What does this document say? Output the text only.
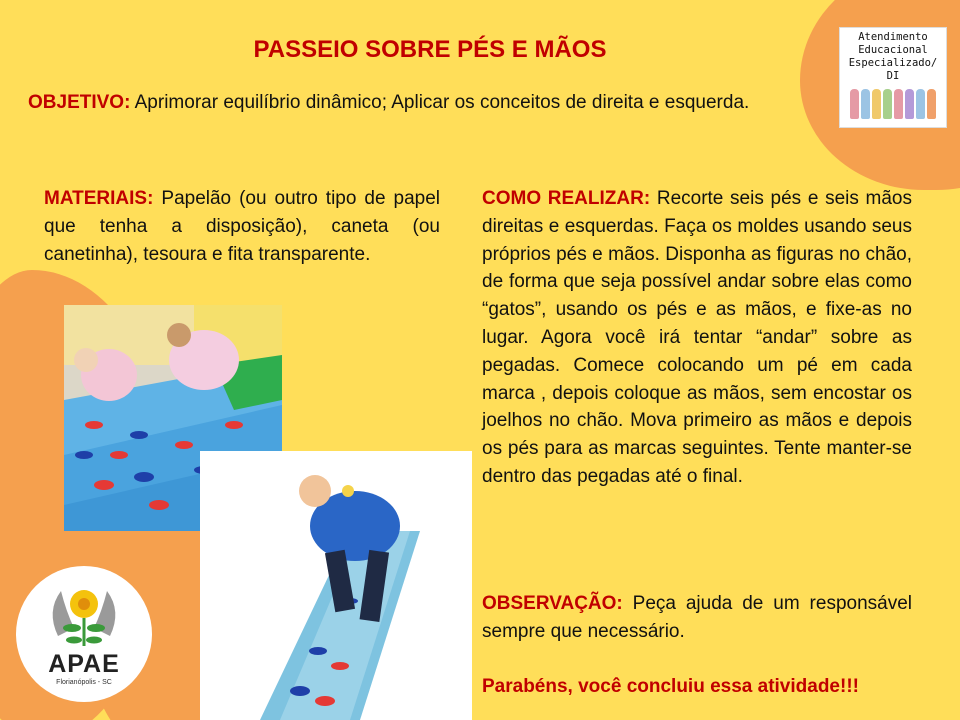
PASSEIO SOBRE PÉS E MÃOS

OBJETIVO: Aprimorar equilíbrio dinâmico; Aplicar os conceitos de direita e esquerda.

MATERIAIS: Papelão (ou outro tipo de papel que tenha a disposição), caneta (ou canetinha), tesoura e fita transparente.

COMO REALIZAR: Recorte seis pés e seis mãos direitas e esquerdas. Faça os moldes usando seus próprios pés e mãos. Disponha as figuras no chão, de forma que seja possível andar sobre elas como “gatos”, usando os pés e as mãos, e fixe-as no lugar. Agora você irá tentar “andar” sobre as pegadas. Comece colocando um pé em cada marca , depois coloque as mãos, sem encostar os joelhos no chão. Mova primeiro as mãos e depois os pés para as marcas seguintes. Tente manter-se dentro das pegadas até o final.

OBSERVAÇÃO: Peça ajuda de um responsável sempre que necessário.

Parabéns, você concluiu essa atividade!!!

Atendimento
Educacional
Especializado/ DI
APAE
Florianópolis - SC
